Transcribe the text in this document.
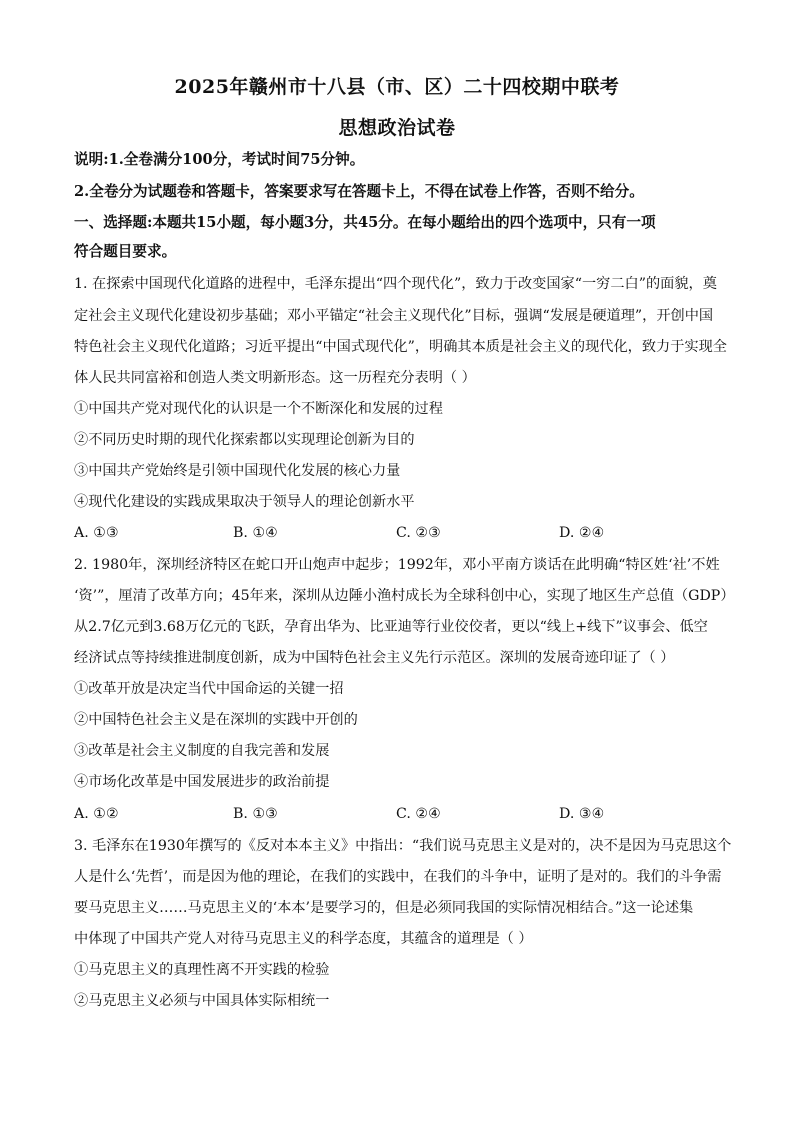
2025年赣州市十八县（市、区）二十四校期中联考
思想政治试卷
说明:1.全卷满分100分，考试时间75分钟。
2.全卷分为试题卷和答题卡，答案要求写在答题卡上，不得在试卷上作答，否则不给分。
一、选择题:本题共15小题，每小题3分，共45分。在每小题给出的四个选项中，只有一项
符合题目要求。
1. 在探索中国现代化道路的进程中，毛泽东提出“四个现代化”，致力于改变国家“一穷二白”的面貌，奠
定社会主义现代化建设初步基础；邓小平锚定“社会主义现代化”目标，强调“发展是硬道理”，开创中国
特色社会主义现代化道路；习近平提出“中国式现代化”，明确其本质是社会主义的现代化，致力于实现全
体人民共同富裕和创造人类文明新形态。这一历程充分表明（ ）
①中国共产党对现代化的认识是一个不断深化和发展的过程
②不同历史时期的现代化探索都以实现理论创新为目的
③中国共产党始终是引领中国现代化发展的核心力量
④现代化建设的实践成果取决于领导人的理论创新水平
A. ①③	B. ①④	C. ②③	D. ②④
2. 1980年，深圳经济特区在蛇口开山炮声中起步；1992年，邓小平南方谈话在此明确“特区姓‘社’不姓
‘资’”，厘清了改革方向；45年来，深圳从边陲小渔村成长为全球科创中心，实现了地区生产总值（GDP）
从2.7亿元到3.68万亿元的飞跃，孕育出华为、比亚迪等行业佼佼者，更以“线上+线下”议事会、低空
经济试点等持续推进制度创新，成为中国特色社会主义先行示范区。深圳的发展奇迹印证了（ ）
①改革开放是决定当代中国命运的关键一招
②中国特色社会主义是在深圳的实践中开创的
③改革是社会主义制度的自我完善和发展
④市场化改革是中国发展进步的政治前提
A. ①②	B. ①③	C. ②④	D. ③④
3. 毛泽东在1930年撰写的《反对本本主义》中指出：“我们说马克思主义是对的，决不是因为马克思这个
人是什么‘先哲’，而是因为他的理论，在我们的实践中，在我们的斗争中，证明了是对的。我们的斗争需
要马克思主义……马克思主义的‘本本’是要学习的，但是必须同我国的实际情况相结合。”这一论述集
中体现了中国共产党人对待马克思主义的科学态度，其蕴含的道理是（ ）
①马克思主义的真理性离不开实践的检验
②马克思主义必须与中国具体实际相统一
